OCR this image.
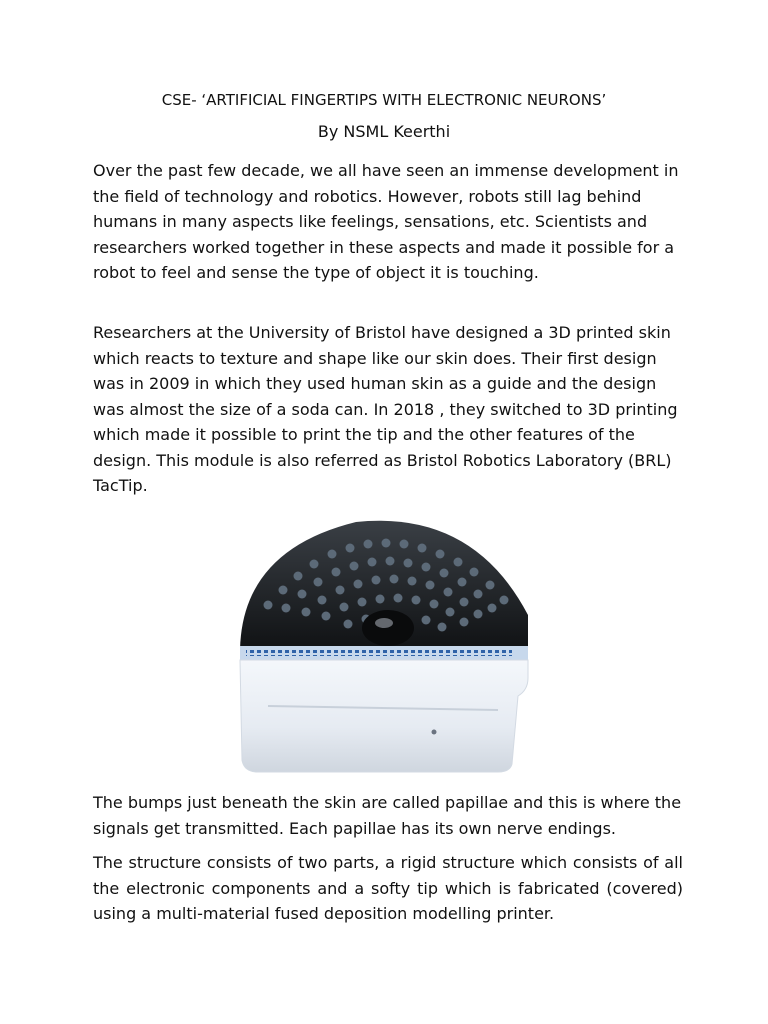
CSE- ‘ARTIFICIAL FINGERTIPS WITH ELECTRONIC NEURONS’

By NSML Keerthi

Over the past few decade, we all have seen an immense development in the field of technology and robotics. However, robots still lag behind humans in many aspects like feelings, sensations, etc. Scientists and researchers worked together in these aspects and made it possible for a robot to feel and sense the type of object it is touching.

Researchers at the University of Bristol have designed a 3D printed skin which reacts to texture and shape like our skin does. Their first design was in 2009 in which they used human skin as a guide and the design was almost the size of a soda can. In 2018 , they switched to 3D printing which made it possible to print the tip and the other features of the design. This module is also referred as Bristol Robotics Laboratory (BRL) TacTip.

The bumps just beneath the skin are called papillae and this is where the signals get transmitted. Each papillae has its own nerve endings.

The structure consists of two parts, a rigid structure which consists of all the electronic components and a softy tip which is fabricated (covered) using a multi-material fused deposition modelling printer.
